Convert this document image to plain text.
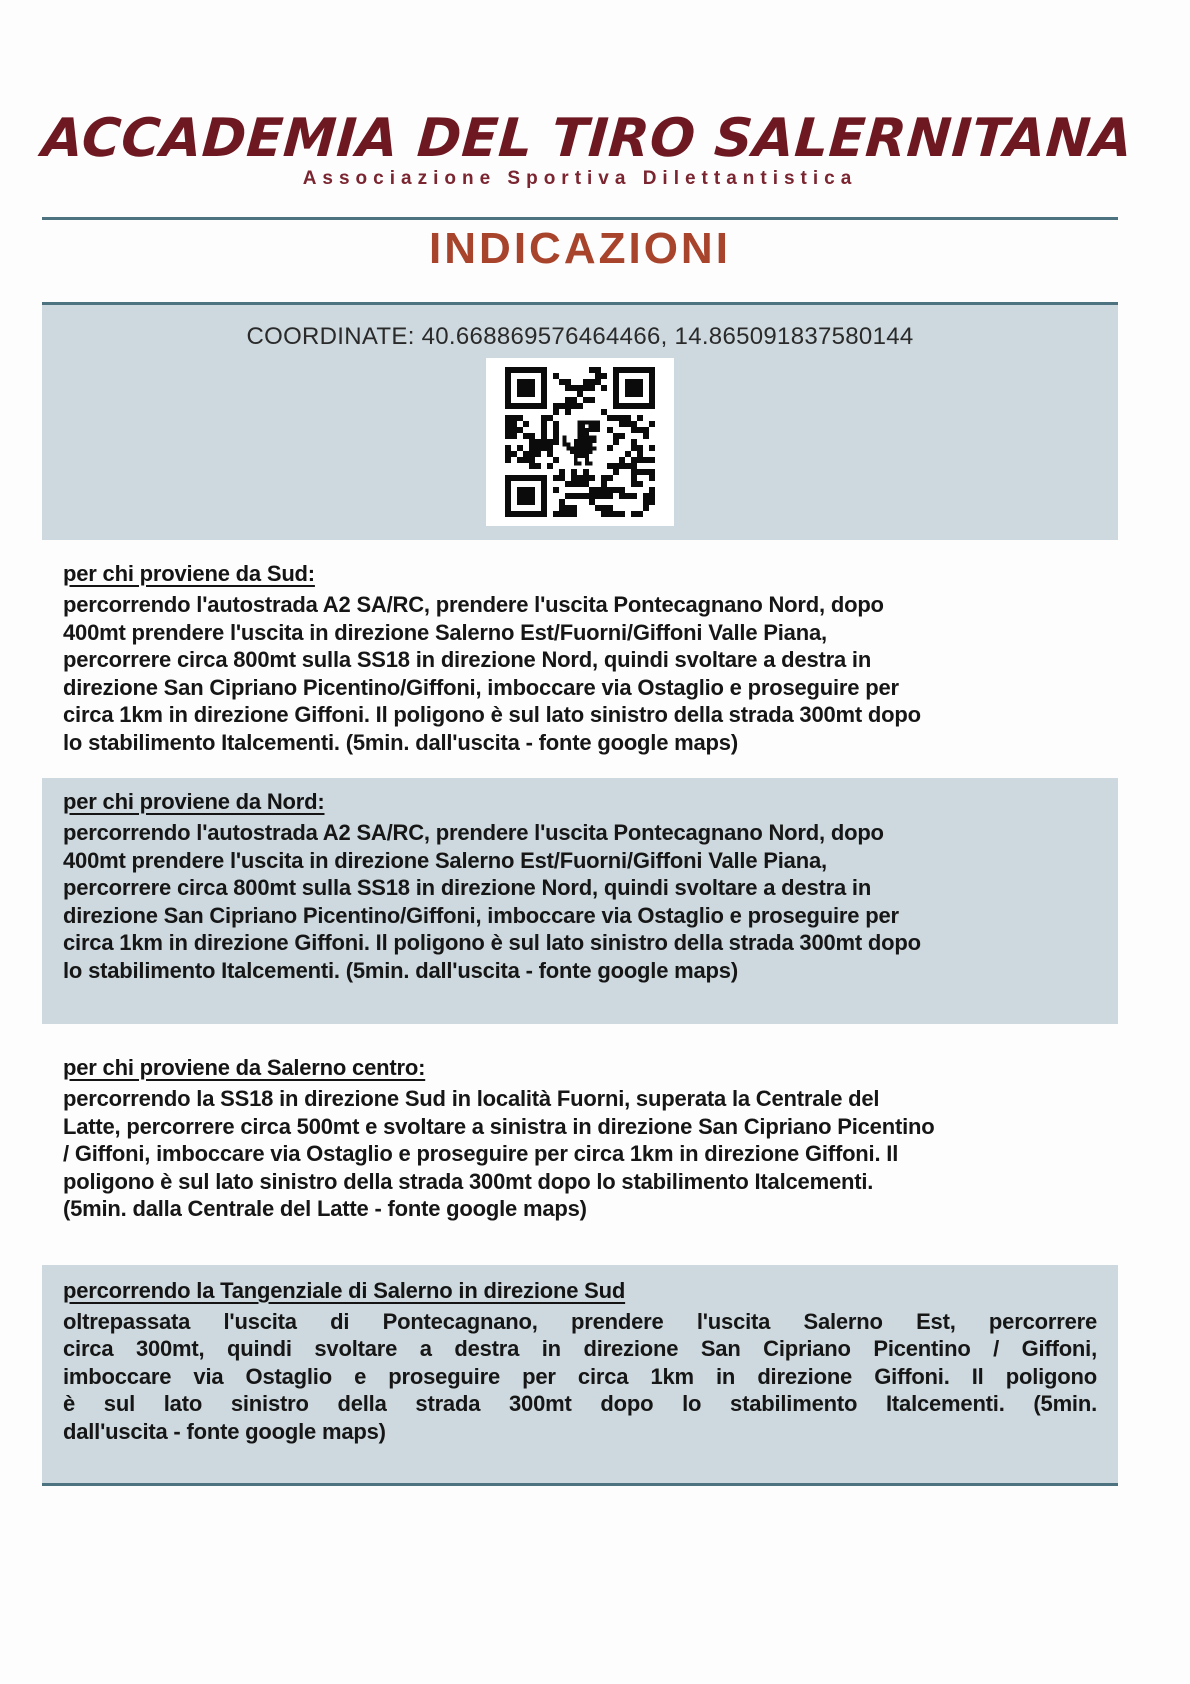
ACCADEMIA DEL TIRO SALERNITANA
Associazione Sportiva Dilettantistica
INDICAZIONI
COORDINATE: 40.668869576464466, 14.865091837580144
per chi proviene da Sud:
percorrendo l'autostrada A2 SA/RC, prendere l'uscita Pontecagnano Nord, dopo
400mt prendere l'uscita in direzione Salerno Est/Fuorni/Giffoni Valle Piana,
percorrere circa 800mt sulla SS18 in direzione Nord, quindi svoltare a destra in
direzione San Cipriano Picentino/Giffoni, imboccare via Ostaglio e proseguire per
circa 1km in direzione Giffoni. Il poligono è sul lato sinistro della strada 300mt dopo
lo stabilimento Italcementi. (5min. dall'uscita - fonte google maps)
per chi proviene da Nord:
percorrendo l'autostrada A2 SA/RC, prendere l'uscita Pontecagnano Nord, dopo
400mt prendere l'uscita in direzione Salerno Est/Fuorni/Giffoni Valle Piana,
percorrere circa 800mt sulla SS18 in direzione Nord, quindi svoltare a destra in
direzione San Cipriano Picentino/Giffoni, imboccare via Ostaglio e proseguire per
circa 1km in direzione Giffoni. Il poligono è sul lato sinistro della strada 300mt dopo
lo stabilimento Italcementi. (5min. dall'uscita - fonte google maps)
per chi proviene da Salerno centro:
percorrendo la SS18 in direzione Sud in località Fuorni, superata la Centrale del
Latte, percorrere circa 500mt e svoltare a sinistra in direzione San Cipriano Picentino
/ Giffoni, imboccare via Ostaglio e proseguire per circa 1km in direzione Giffoni. Il
poligono è sul lato sinistro della strada 300mt dopo lo stabilimento Italcementi.
(5min. dalla Centrale del Latte - fonte google maps)
percorrendo la Tangenziale di Salerno in direzione Sud
oltrepassata l'uscita di Pontecagnano, prendere l'uscita Salerno Est, percorrere
circa 300mt, quindi svoltare a destra in direzione San Cipriano Picentino / Giffoni,
imboccare via Ostaglio e proseguire per circa 1km in direzione Giffoni. Il poligono
è sul lato sinistro della strada 300mt dopo lo stabilimento Italcementi. (5min.
dall'uscita - fonte google maps)
